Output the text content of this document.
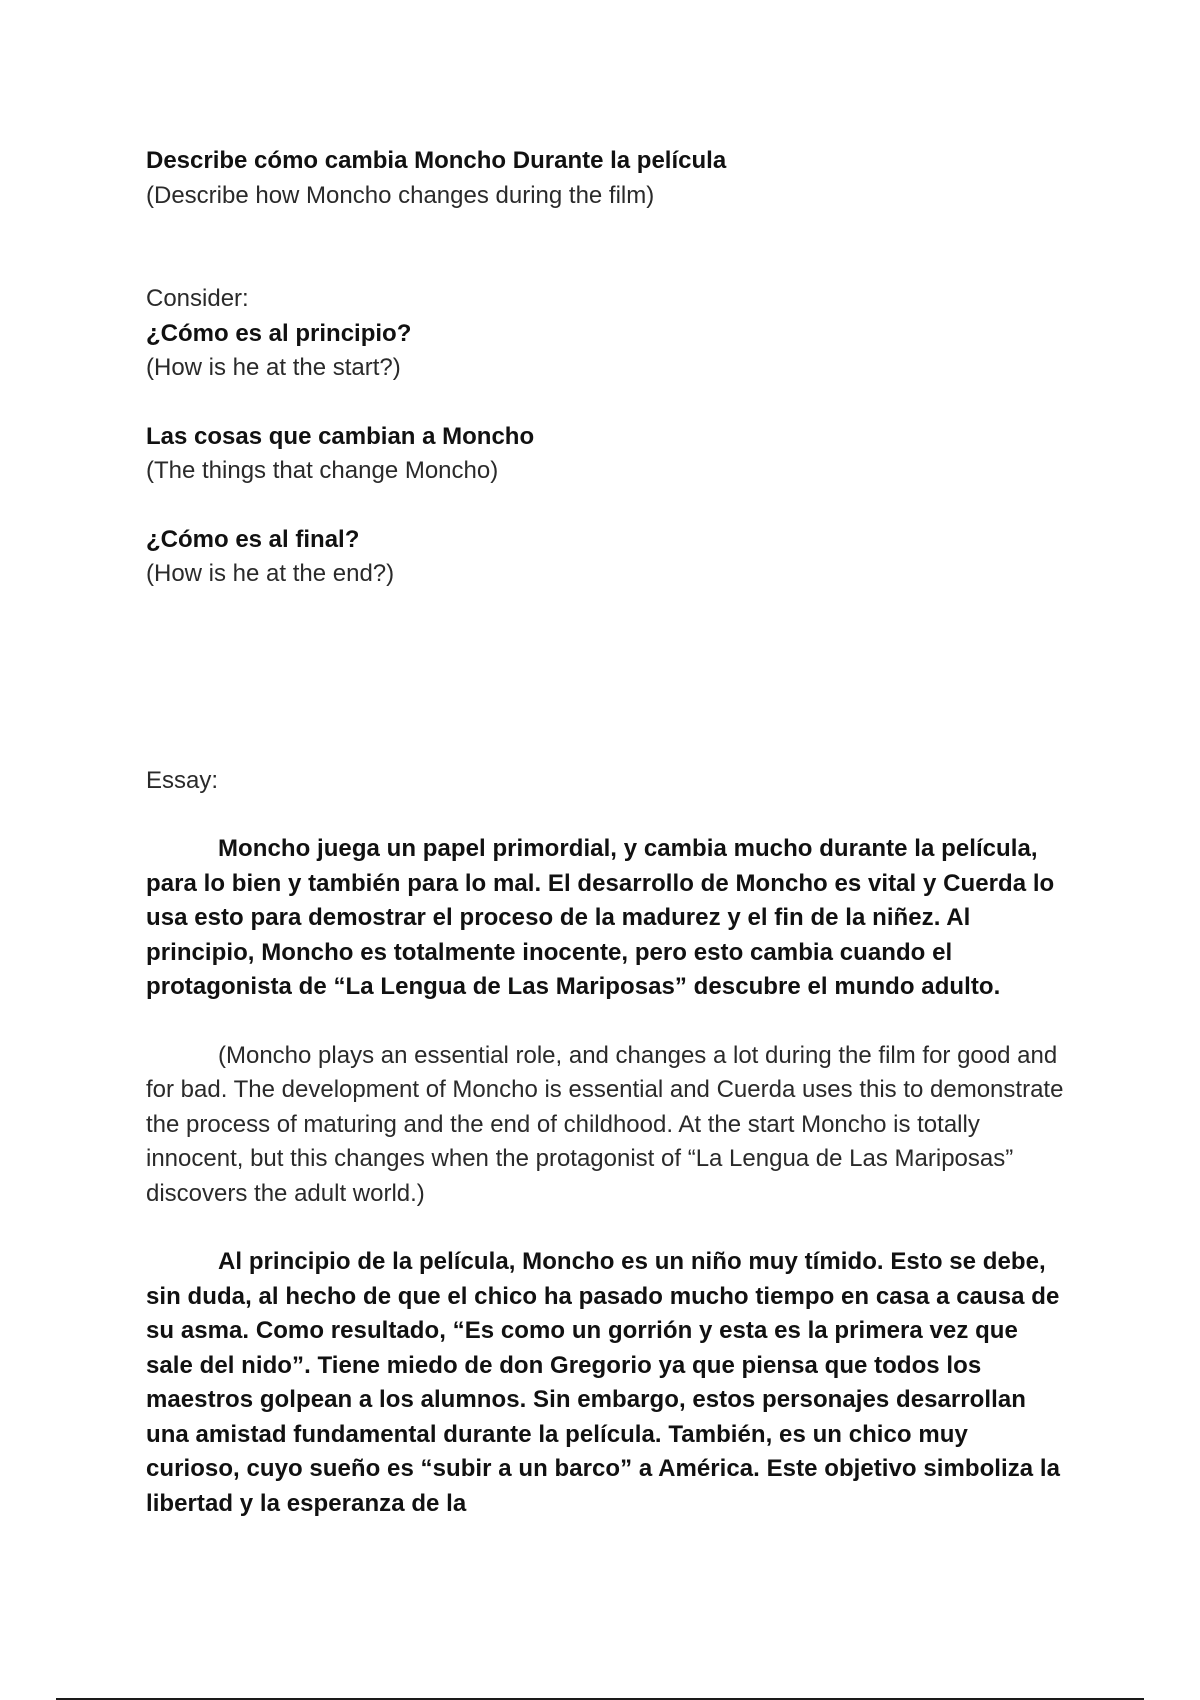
Describe cómo cambia Moncho Durante la película

(Describe how Moncho changes during the film)

Consider:

¿Cómo es al principio?

(How is he at the start?)

Las cosas que cambian a Moncho

(The things that change Moncho)

¿Cómo es al final?

(How is he at the end?)

Essay:

Moncho juega un papel primordial, y cambia mucho durante la película, para lo bien y también para lo mal. El desarrollo de Moncho es vital y Cuerda lo usa esto para demostrar el proceso de la madurez y el fin de la niñez. Al principio, Moncho es totalmente inocente, pero esto cambia cuando el protagonista de “La Lengua de Las Mariposas” descubre el mundo adulto.

(Moncho plays an essential role, and changes a lot during the film for good and for bad. The development of Moncho is essential and Cuerda uses this to demonstrate the process of maturing and the end of childhood. At the start Moncho is totally innocent, but this changes when the protagonist of “La Lengua de Las Mariposas” discovers the adult world.)

Al principio de la película, Moncho es un niño muy tímido. Esto se debe, sin duda, al hecho de que el chico ha pasado mucho tiempo en casa a causa de su asma. Como resultado, “Es como un gorrión y esta es la primera vez que sale del nido”. Tiene miedo de don Gregorio ya que piensa que todos los maestros golpean a los alumnos. Sin embargo, estos personajes desarrollan una amistad fundamental durante la película. También, es un chico muy curioso, cuyo sueño es “subir a un barco” a América. Este objetivo simboliza la libertad y la esperanza de la
